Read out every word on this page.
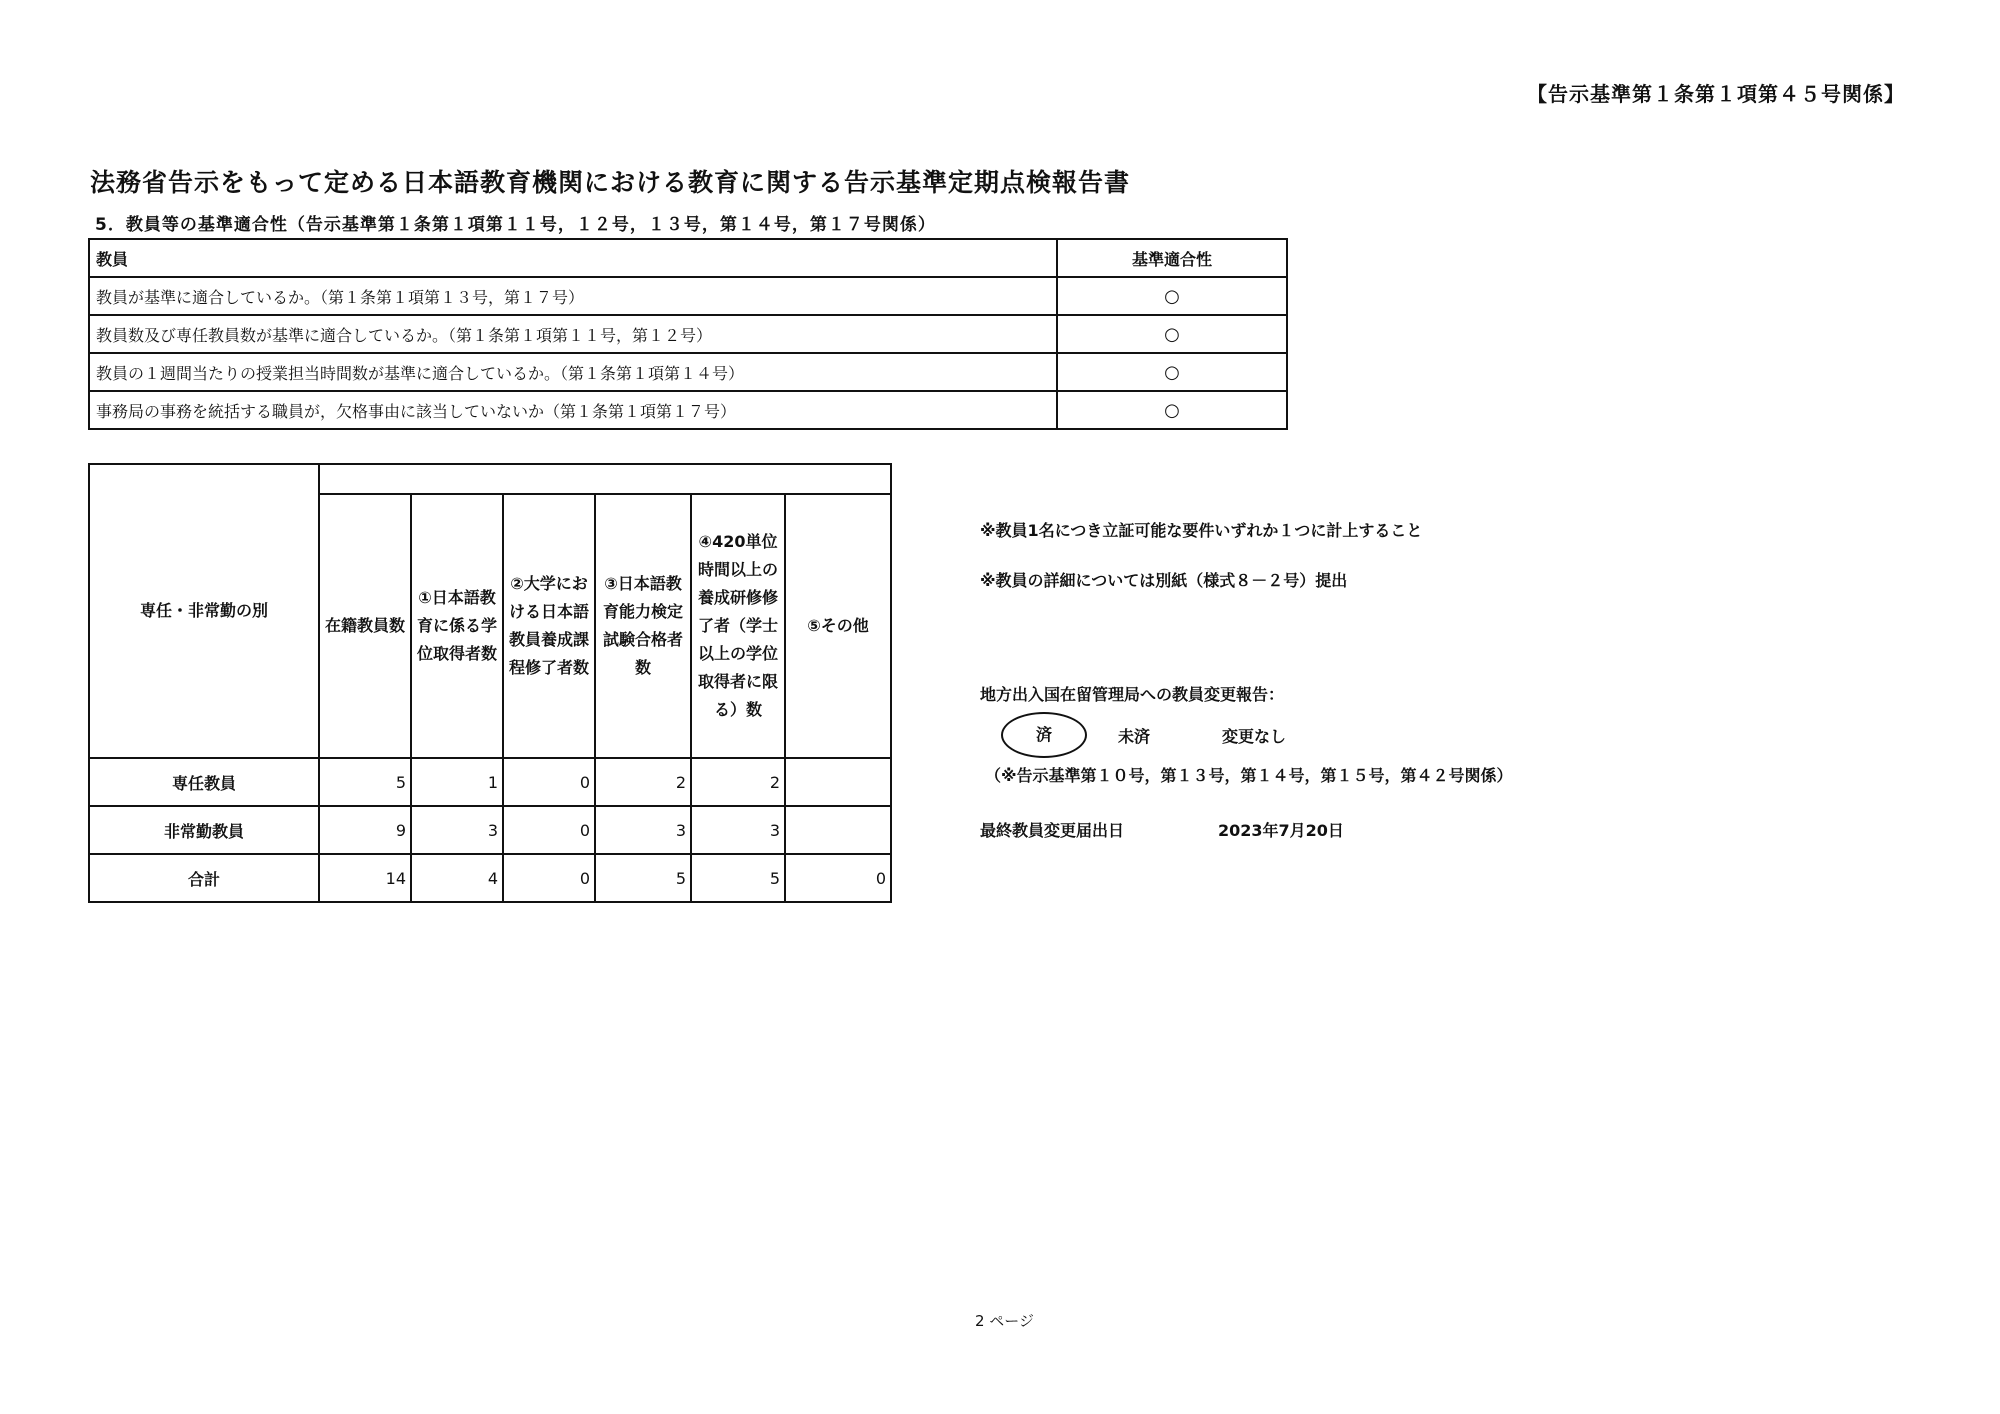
【告示基準第１条第１項第４５号関係】
法務省告示をもって定める日本語教育機関における教育に関する告示基準定期点検報告書
5．教員等の基準適合性（告示基準第１条第１項第１１号，１２号，１３号，第１４号，第１７号関係）
教員	基準適合性
教員が基準に適合しているか。（第１条第１項第１３号，第１７号）	○
教員数及び専任教員数が基準に適合しているか。（第１条第１項第１１号，第１２号）	○
教員の１週間当たりの授業担当時間数が基準に適合しているか。（第１条第１項第１４号）	○
事務局の事務を統括する職員が，欠格事由に該当していないか（第１条第１項第１７号）	○
専任・非常勤の別						
	在籍教員数	①日本語教育に係る学位取得者数	②大学における日本語教員養成課程修了者数	③日本語教育能力検定試験合格者数	④420単位時間以上の養成研修修了者（学士以上の学位取得者に限る）数	⑤その他
専任教員	5	1	0	2	2	
非常勤教員	9	3	0	3	3	
合計	14	4	0	5	5	0
※教員1名につき立証可能な要件いずれか１つに計上すること
※教員の詳細については別紙（様式８－２号）提出
地方出入国在留管理局への教員変更報告：
済	未済	変更なし
（※告示基準第１０号，第１３号，第１４号，第１５号，第４２号関係）
最終教員変更届出日	2023年7月20日
2 ページ
